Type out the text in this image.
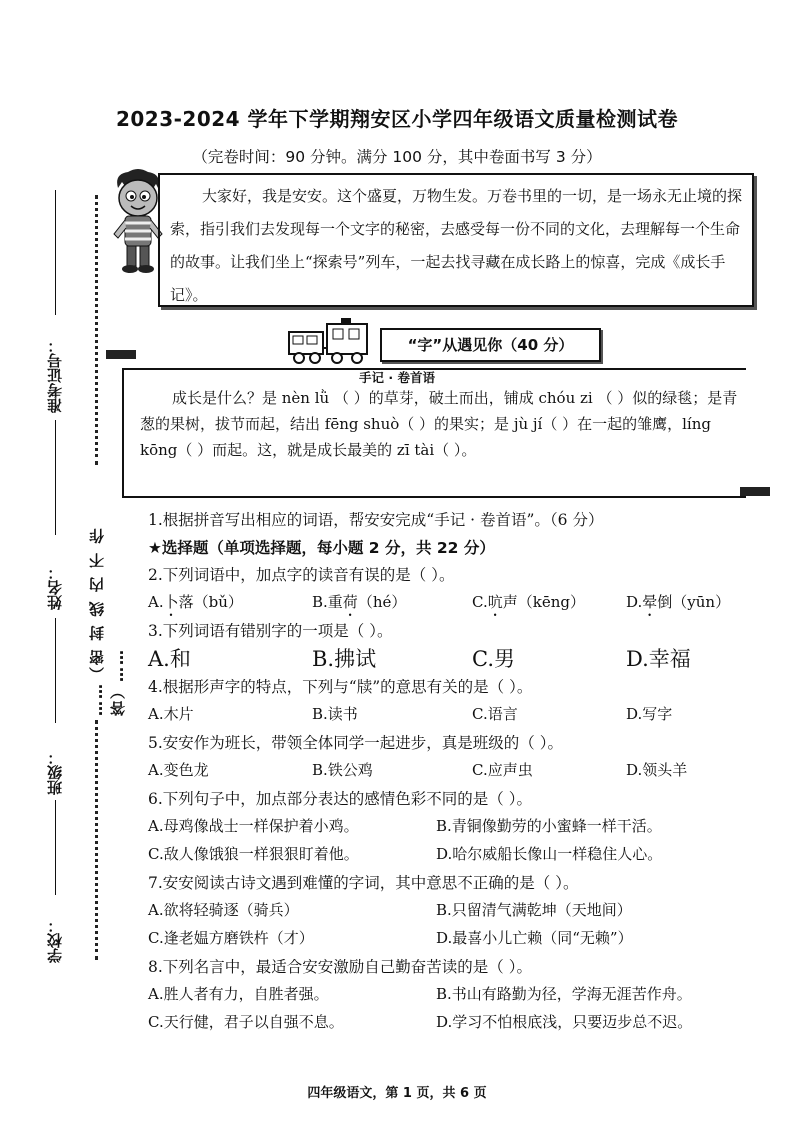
2023-2024 学年下学期翔安区小学四年级语文质量检测试卷
（完卷时间：90 分钟。满分 100 分，其中卷面书写 3 分）
准考证号：
姓名：
班级：
学校：
……（密 封 线 内 不 作 答）……
大家好，我是安安。这个盛夏，万物生发。万卷书里的一切，是一场永无止境的探索，指引我们去发现每一个文字的秘密，去感受每一份不同的文化，去理解每一个生命的故事。让我们坐上“探索号”列车，一起去找寻藏在成长路上的惊喜，完成《成长手记》。
“字”从遇见你（40 分）
手记 · 卷首语
成长是什么？是 nèn lǜ （ ）的草芽，破土而出，铺成 chóu zi （ ）似的绿毯；是青葱的果树，拔节而起，结出 fēng shuò（ ）的果实；是 jù jí（ ）在一起的雏鹰，líng kōng（ ）而起。这，就是成长最美的 zī tài（ ）。
1.根据拼音写出相应的词语，帮安安完成“手记 · 卷首语”。（6 分）
★选择题（单项选择题，每小题 2 分，共 22 分）
2.下列词语中，加点字的读音有误的是（ ）。
A.卜落（bǔ）	B.重荷（hé）	C.吭声（kēng）	D.晕倒（yūn）
3.下列词语有错别字的一项是（ ）。
A.和	B.拂试	C.男	D.幸福
4.根据形声字的特点，下列与“牍”的意思有关的是（ ）。
A.木片	B.读书	C.语言	D.写字
5.安安作为班长，带领全体同学一起进步，真是班级的（ ）。
A.变色龙	B.铁公鸡	C.应声虫	D.领头羊
6.下列句子中，加点部分表达的感情色彩不同的是（ ）。
A.母鸡像战士一样保护着小鸡。	B.青铜像勤劳的小蜜蜂一样干活。
C.敌人像饿狼一样狠狠盯着他。	D.哈尔威船长像山一样稳住人心。
7.安安阅读古诗文遇到难懂的字词，其中意思不正确的是（ ）。
A.欲将轻骑逐（骑兵）	B.只留清气满乾坤（天地间）
C.逢老媪方磨铁杵（才）	D.最喜小儿亡赖（同“无赖”）
8.下列名言中，最适合安安激励自己勤奋苦读的是（ ）。
A.胜人者有力，自胜者强。	B.书山有路勤为径，学海无涯苦作舟。
C.天行健，君子以自强不息。	D.学习不怕根底浅，只要迈步总不迟。
四年级语文，第 1 页，共 6 页
